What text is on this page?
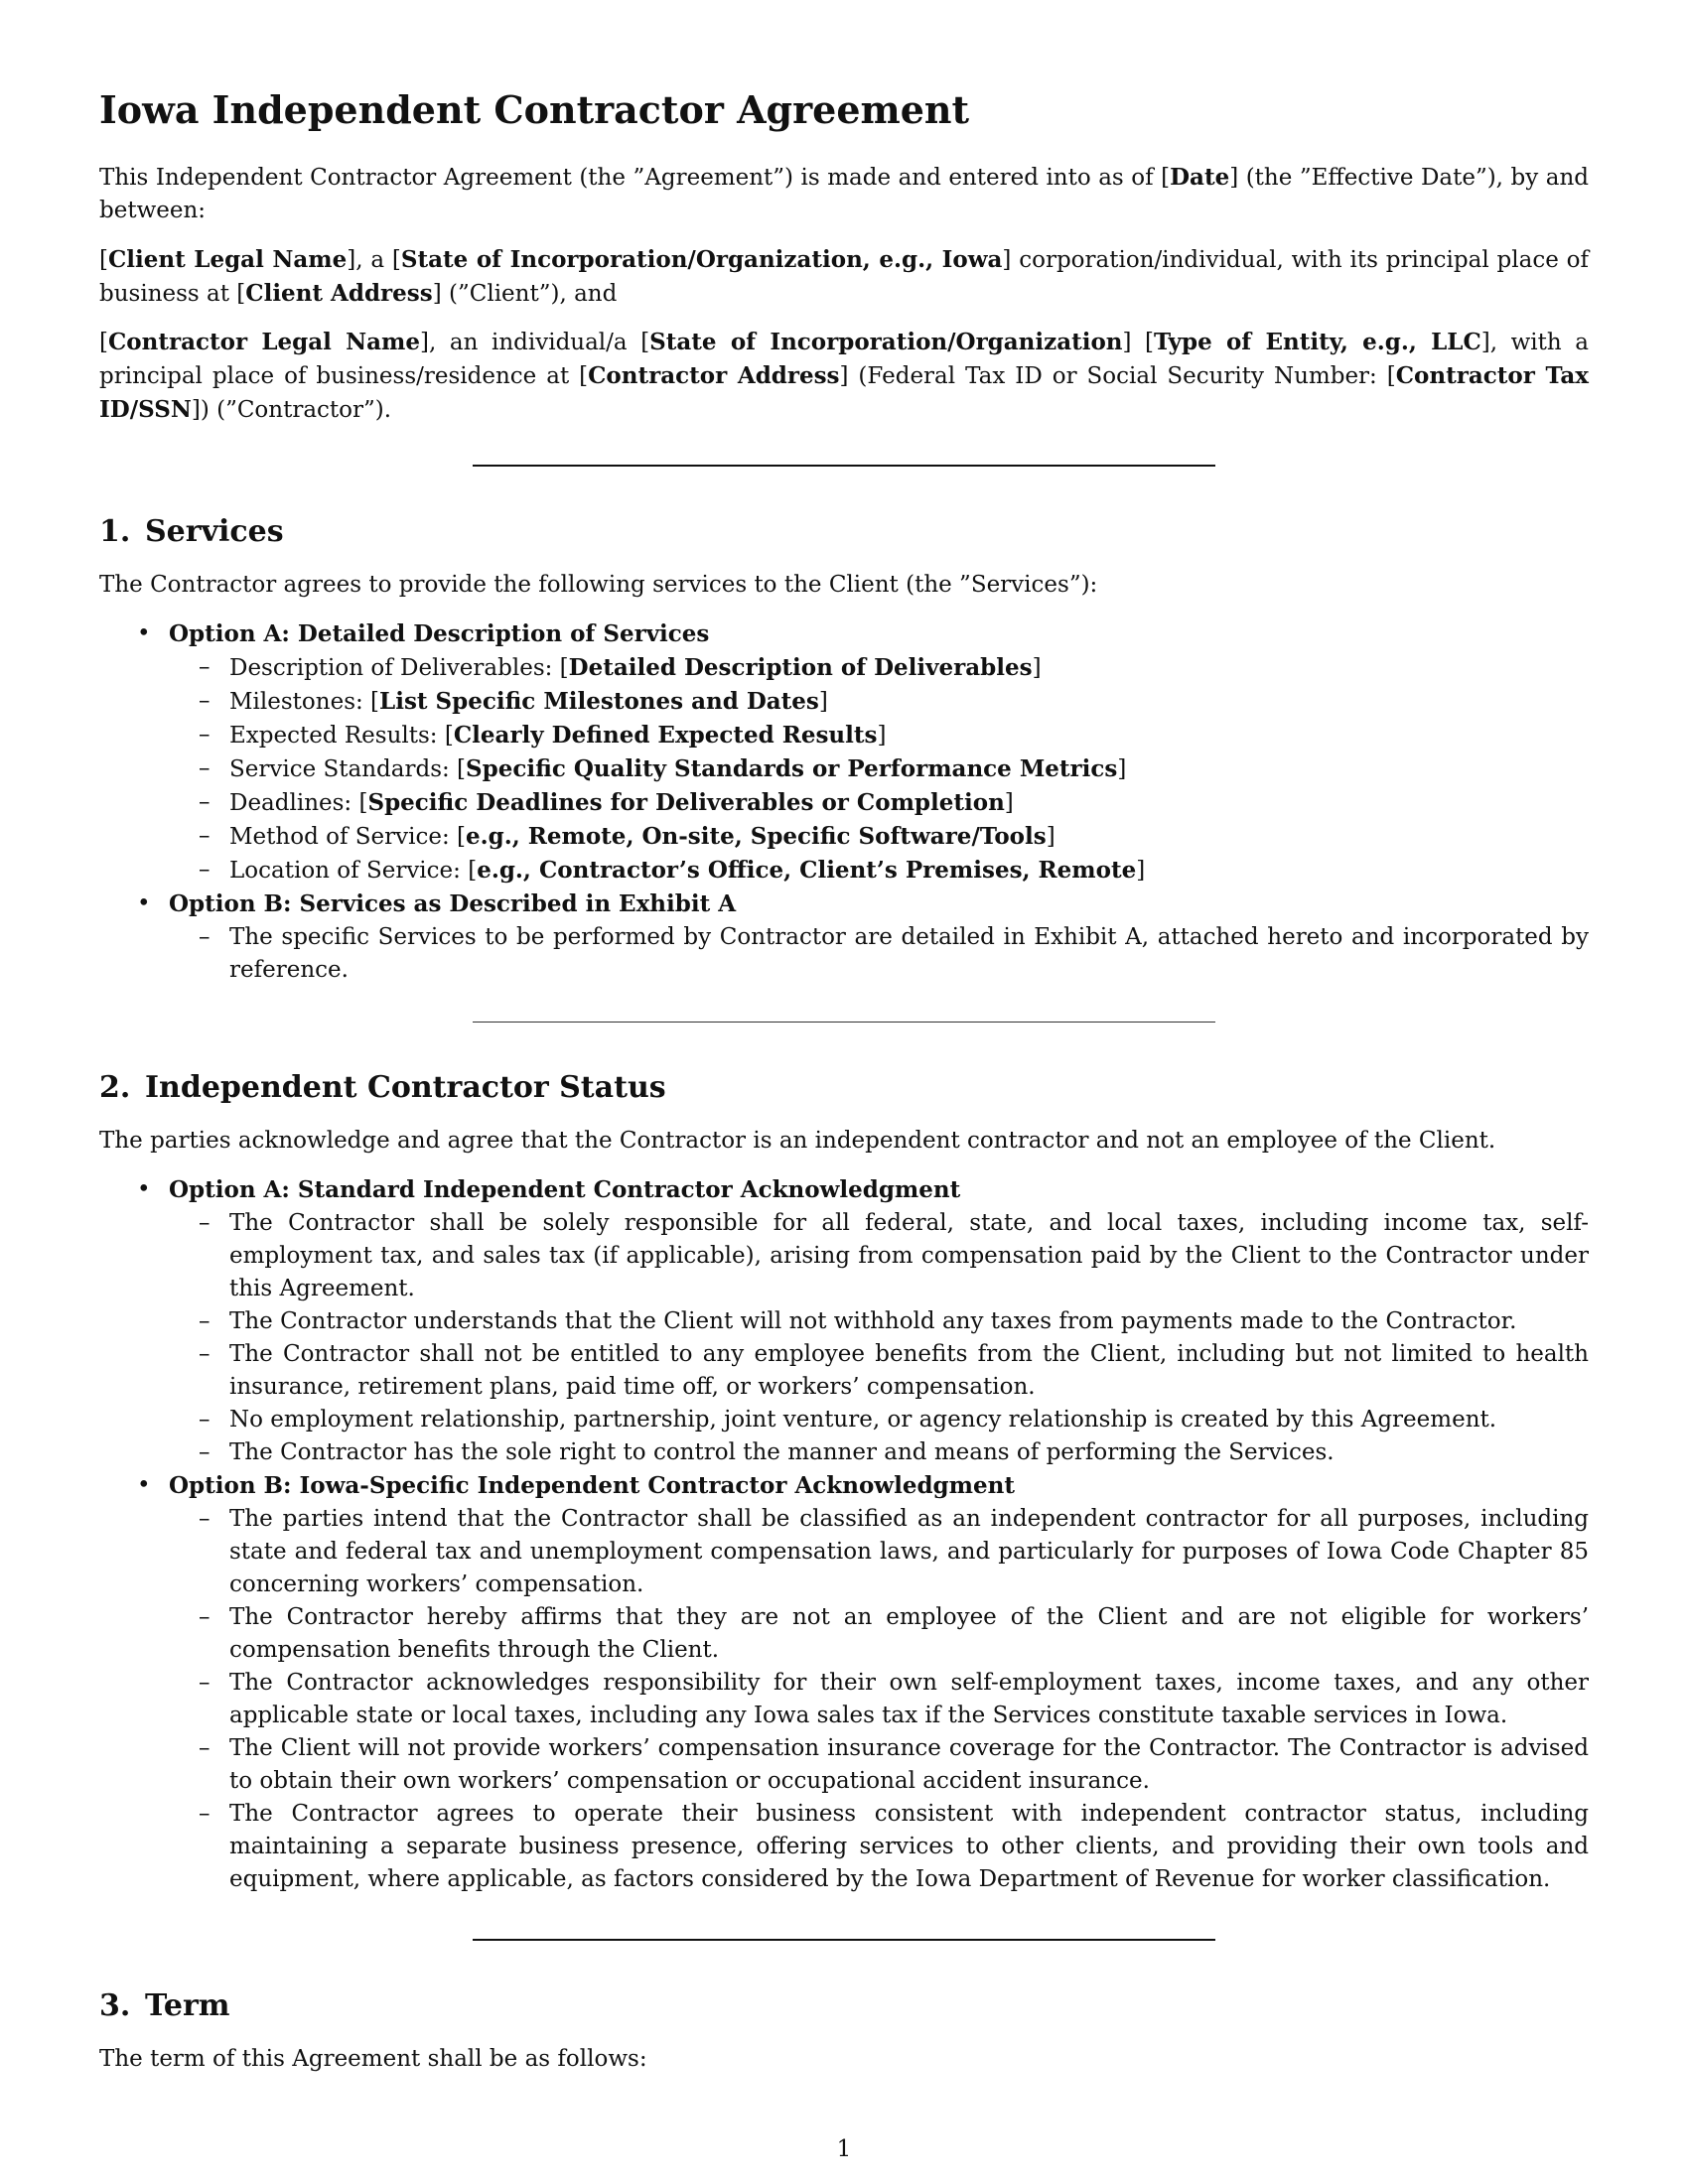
Iowa Independent Contractor Agreement

This Independent Contractor Agreement (the ”Agreement”) is made and entered into as of [Date] (the ”Effective Date”), by and between:

[Client Legal Name], a [State of Incorporation/Organization, e.g., Iowa] corporation/individual, with its principal place of business at [Client Address] (”Client”), and

[Contractor Legal Name], an individual/a [State of Incorporation/Organization] [Type of Entity, e.g., LLC], with a principal place of business/residence at [Contractor Address] (Federal Tax ID or Social Security Number: [Contractor Tax ID/SSN]) (”Contractor”).

1. Services

The Contractor agrees to provide the following services to the Client (the ”Services”):

• Option A: Detailed Description of Services
– Description of Deliverables: [Detailed Description of Deliverables]
– Milestones: [List Specific Milestones and Dates]
– Expected Results: [Clearly Defined Expected Results]
– Service Standards: [Specific Quality Standards or Performance Metrics]
– Deadlines: [Specific Deadlines for Deliverables or Completion]
– Method of Service: [e.g., Remote, On-site, Specific Software/Tools]
– Location of Service: [e.g., Contractor’s Office, Client’s Premises, Remote]
• Option B: Services as Described in Exhibit A
– The specific Services to be performed by Contractor are detailed in Exhibit A, attached hereto and incorporated by reference.
2. Independent Contractor Status

The parties acknowledge and agree that the Contractor is an independent contractor and not an employee of the Client.

• Option A: Standard Independent Contractor Acknowledgment
– The Contractor shall be solely responsible for all federal, state, and local taxes, including income tax, self-employment tax, and sales tax (if applicable), arising from compensation paid by the Client to the Contractor under this Agreement.
– The Contractor understands that the Client will not withhold any taxes from payments made to the Contractor.
– The Contractor shall not be entitled to any employee benefits from the Client, including but not limited to health insurance, retirement plans, paid time off, or workers’ compensation.
– No employment relationship, partnership, joint venture, or agency relationship is created by this Agreement.
– The Contractor has the sole right to control the manner and means of performing the Services.
• Option B: Iowa-Specific Independent Contractor Acknowledgment
– The parties intend that the Contractor shall be classified as an independent contractor for all purposes, including state and federal tax and unemployment compensation laws, and particularly for purposes of Iowa Code Chapter 85 concerning workers’ compensation.
– The Contractor hereby affirms that they are not an employee of the Client and are not eligible for workers’ compensation benefits through the Client.
– The Contractor acknowledges responsibility for their own self-employment taxes, income taxes, and any other applicable state or local taxes, including any Iowa sales tax if the Services constitute taxable services in Iowa.
– The Client will not provide workers’ compensation insurance coverage for the Contractor. The Contractor is advised to obtain their own workers’ compensation or occupational accident insurance.
– The Contractor agrees to operate their business consistent with independent contractor status, including maintaining a separate business presence, offering services to other clients, and providing their own tools and equipment, where applicable, as factors considered by the Iowa Department of Revenue for worker classification.
3. Term

The term of this Agreement shall be as follows:

1
